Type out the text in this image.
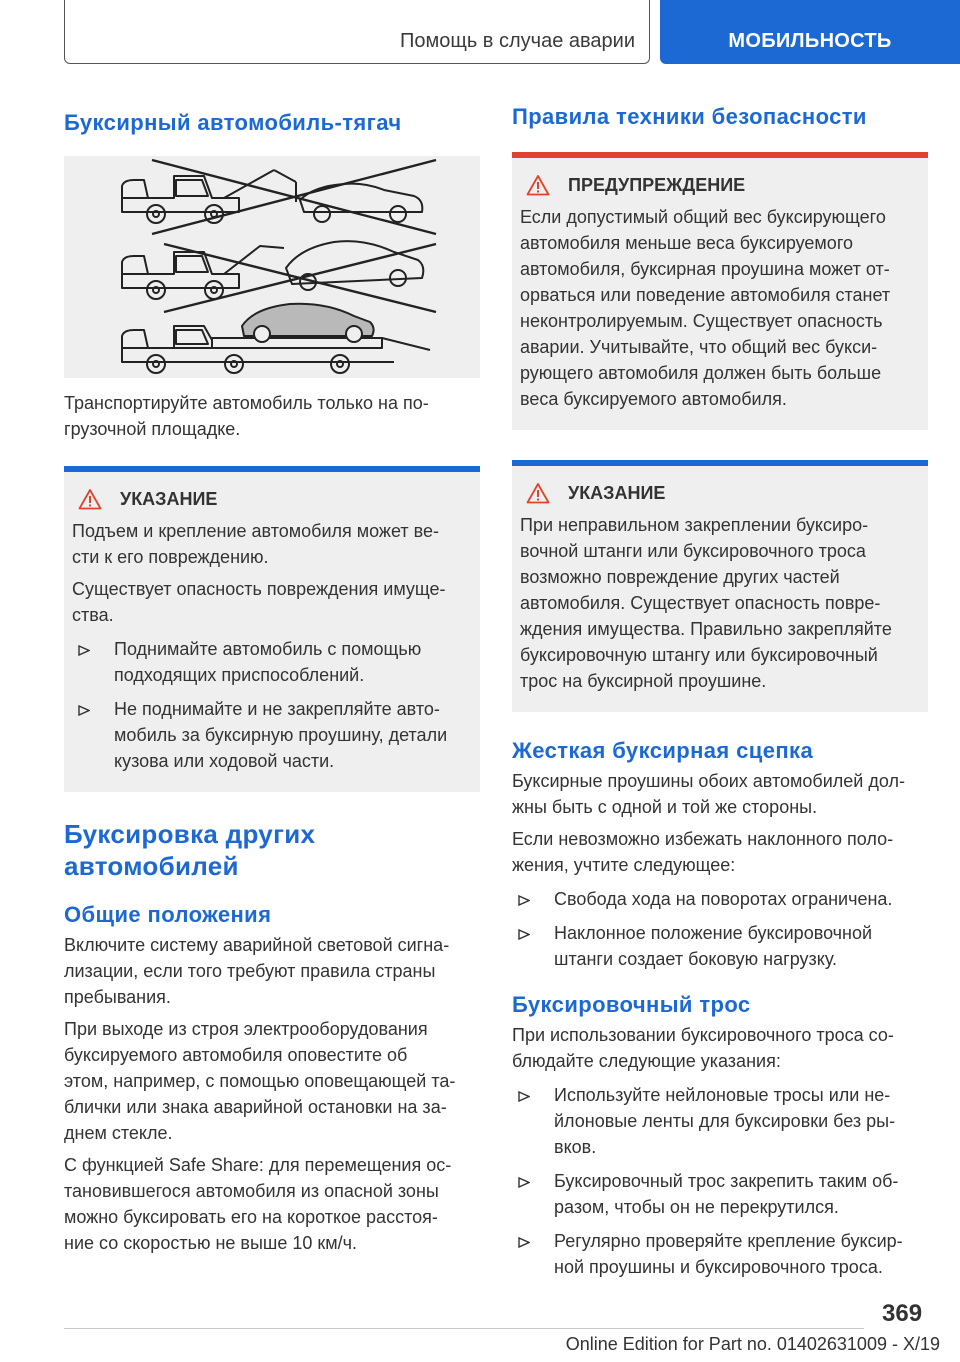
Помощь в случае аварии	МОБИЛЬНОСТЬ
Буксирный автомобиль-тягач

Транспортируйте автомобиль только на по-
грузочной площадке.

УКАЗАНИЕ

Подъем и крепление автомобиля может ве-
сти к его повреждению.

Существует опасность повреждения имуще-
ства.

Поднимайте автомобиль с помощью
подходящих приспособлений.
Не поднимайте и не закрепляйте авто-
мобиль за буксирную проушину, детали
кузова или ходовой части.
Буксировка других
автомобилей
Общие положения

Включите систему аварийной световой сигна-
лизации, если того требуют правила страны
пребывания.

При выходе из строя электрооборудования
буксируемого автомобиля оповестите об
этом, например, с помощью оповещающей та-
блички или знака аварийной остановки на за-
днем стекле.

С функцией Safe Share: для перемещения ос-
тановившегося автомобиля из опасной зоны
можно буксировать его на короткое расстоя-
ние со скоростью не выше 10 км/ч.

Правила техники безопасности
ПРЕДУПРЕЖДЕНИЕ

Если допустимый общий вес буксирующего
автомобиля меньше веса буксируемого
автомобиля, буксирная проушина может от-
орваться или поведение автомобиля станет
неконтролируемым. Существует опасность
аварии. Учитывайте, что общий вес букси-
рующего автомобиля должен быть больше
веса буксируемого автомобиля.

УКАЗАНИЕ

При неправильном закреплении буксиро-
вочной штанги или буксировочного троса
возможно повреждение других частей
автомобиля. Существует опасность повре-
ждения имущества. Правильно закрепляйте
буксировочную штангу или буксировочный
трос на буксирной проушине.

Жесткая буксирная сцепка

Буксирные проушины обоих автомобилей дол-
жны быть с одной и той же стороны.

Если невозможно избежать наклонного поло-
жения, учтите следующее:

Свобода хода на поворотах ограничена.
Наклонное положение буксировочной
штанги создает боковую нагрузку.
Буксировочный трос

При использовании буксировочного троса со-
блюдайте следующие указания:

Используйте нейлоновые тросы или не-
йлоновые ленты для буксировки без ры-
вков.
Буксировочный трос закрепить таким об-
разом, чтобы он не перекрутился.
Регулярно проверяйте крепление буксир-
ной проушины и буксировочного троса.
369
Online Edition for Part no. 01402631009 - X/19
